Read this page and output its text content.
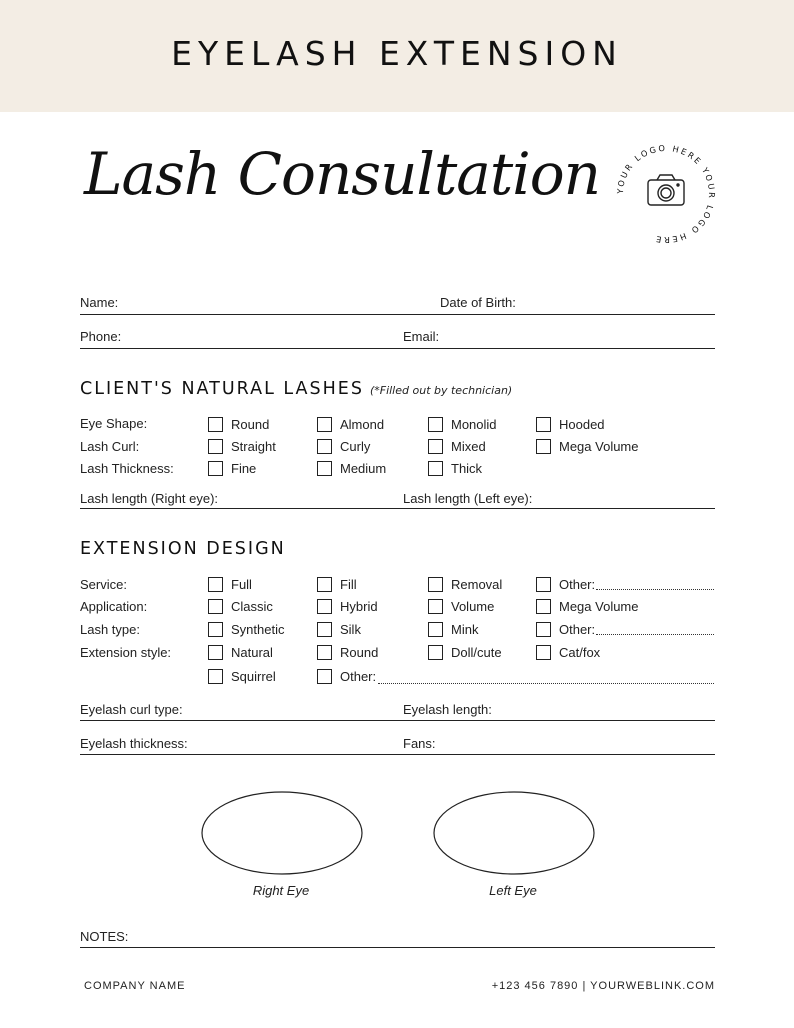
EYELASH EXTENSION
Lash Consultation YOUR LOGO HERE YOUR LOGO HERE
Name:	Date of Birth:
Phone:	Email:
CLIENT'S NATURAL LASHES (*Filled out by technician)
Eye Shape:	Round	Almond	Monolid	Hooded
Lash Curl:	Straight	Curly	Mixed	Mega Volume
Lash Thickness:	Fine	Medium	Thick
Lash length (Right eye):	Lash length (Left eye):
EXTENSION DESIGN
Service:	Full	Fill	Removal	Other:
Application:	Classic	Hybrid	Volume	Mega Volume
Lash type:	Synthetic	Silk	Mink	Other:
Extension style:	Natural	Round	Doll/cute	Cat/fox
Squirrel	Other:
Eyelash curl type:	Eyelash length:
Eyelash thickness:	Fans:
Right Eye	Left Eye
NOTES:
COMPANY NAME	+123 456 7890 | YOURWEBLINK.COM
